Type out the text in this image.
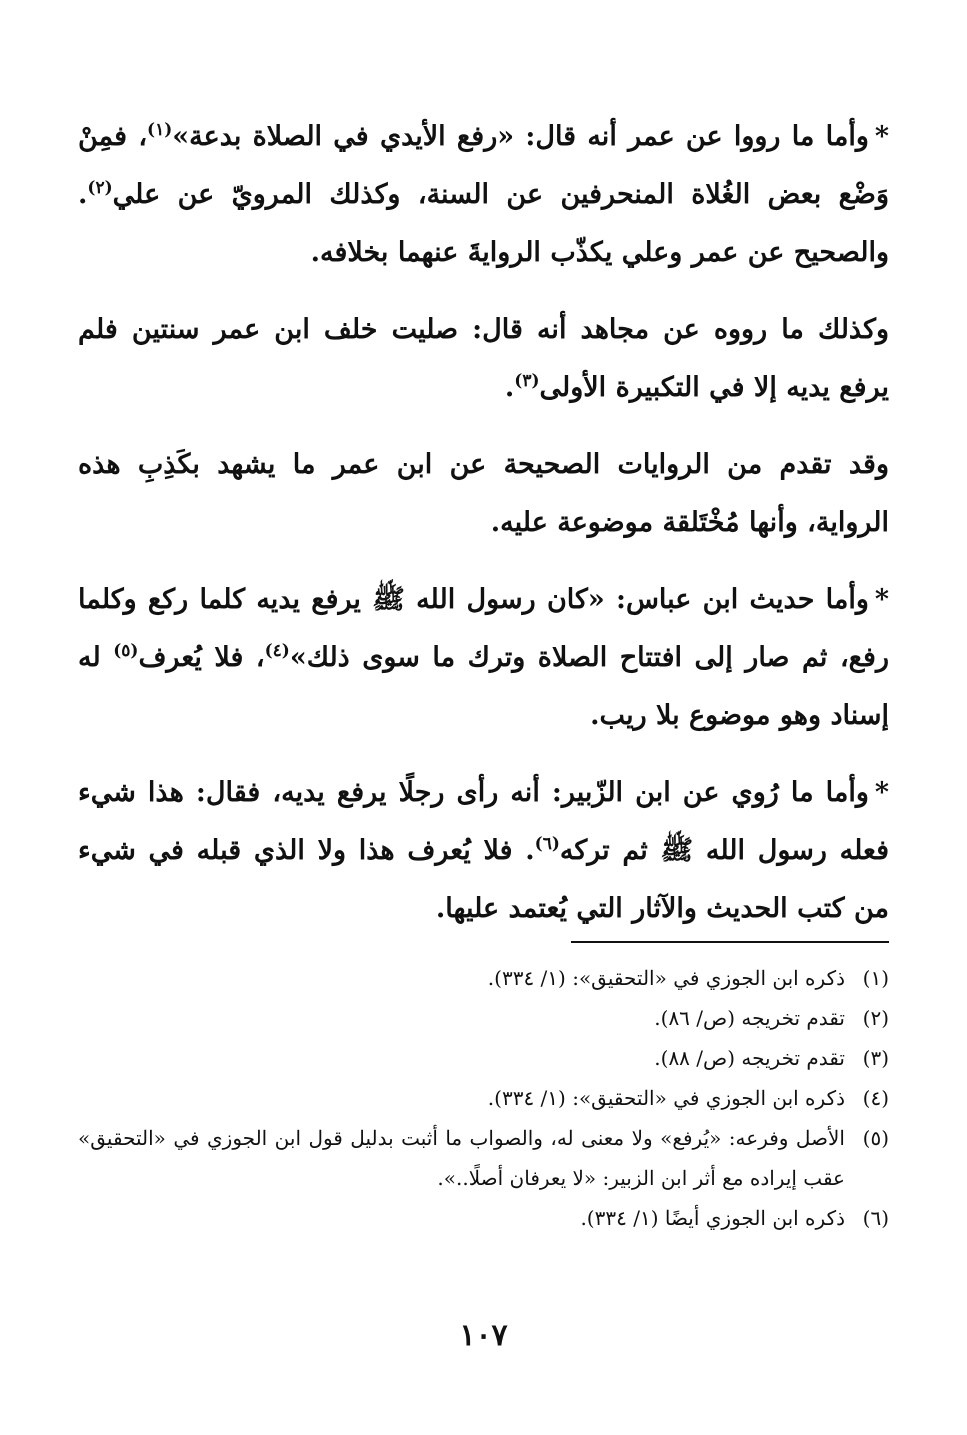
*وأما ما رووا عن عمر أنه قال: «رفع الأيدي في الصلاة بدعة»$^{(١)}$، فمِنْ وَضْع بعض الغُلاة المنحرفين عن السنة، وكذلك المرويّ عن علي$^{(٢)}$. والصحيح عن عمر وعلي يكذّب الروايةَ عنهما بخلافه.

وكذلك ما رووه عن مجاهد أنه قال: صليت خلف ابن عمر سنتين فلم يرفع يديه إلا في التكبيرة الأولى$^{(٣)}$.

وقد تقدم من الروايات الصحيحة عن ابن عمر ما يشهد بكَذِبِ هذه الرواية، وأنها مُخْتَلقة موضوعة عليه.

*وأما حديث ابن عباس: «كان رسول الله ﷺ يرفع يديه كلما ركع وكلما رفع، ثم صار إلى افتتاح الصلاة وترك ما سوى ذلك»$^{(٤)}$، فلا يُعرف$^{(٥)}$ له إسناد وهو موضوع بلا ريب.

*وأما ما رُوي عن ابن الزّبير: أنه رأى رجلًا يرفع يديه، فقال: هذا شيء فعله رسول الله ﷺ ثم تركه$^{(٦)}$. فلا يُعرف هذا ولا الذي قبله في شيء من كتب الحديث والآثار التي يُعتمد عليها.

(١)
ذكره ابن الجوزي في «التحقيق»: (١/ ٣٣٤).
(٢)
تقدم تخريجه (ص/ ٨٦).
(٣)
تقدم تخريجه (ص/ ٨٨).
(٤)
ذكره ابن الجوزي في «التحقيق»: (١/ ٣٣٤).
(٥)
الأصل وفرعه: «يُرفع» ولا معنى له، والصواب ما أثبت بدليل قول ابن الجوزي في «التحقيق» عقب إيراده مع أثر ابن الزبير: «لا يعرفان أصلًا..».
(٦)
ذكره ابن الجوزي أيضًا (١/ ٣٣٤).
١٠٧
